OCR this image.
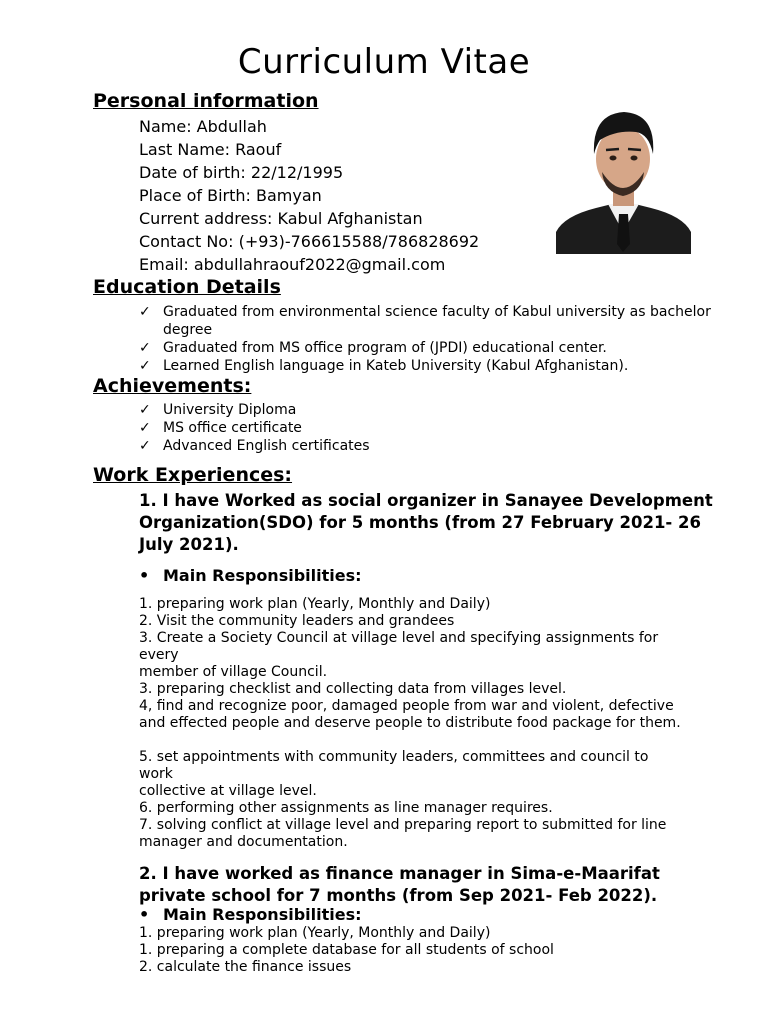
Curriculum Vitae
Personal information
Name: Abdullah
Last Name: Raouf
Date of birth: 22/12/1995
Place of Birth: Bamyan
Current address: Kabul Afghanistan
Contact No: (+93)-766615588/786828692
Email: abdullahraouf2022@gmail.com
Education Details
✓ Graduated from environmental science faculty of Kabul university as bachelor degree
✓ Graduated from MS office program of (JPDI) educational center.
✓ Learned English language in Kateb University (Kabul Afghanistan).
Achievements:
✓ University Diploma
✓ MS office certificate
✓ Advanced English certificates
Work Experiences:
1. I have Worked as social organizer in Sanayee Development Organization(SDO) for 5 months (from 27 February 2021- 26 July 2021).
• Main Responsibilities:
1. preparing work plan (Yearly, Monthly and Daily)
2. Visit the community leaders and grandees
3. Create a Society Council at village level and specifying assignments for
every
member of village Council.
3. preparing checklist and collecting data from villages level.
4, find and recognize poor, damaged people from war and violent, defective
and effected people and deserve people to distribute food package for them.
5. set appointments with community leaders, committees and council to
work
collective at village level.
6. performing other assignments as line manager requires.
7. solving conflict at village level and preparing report to submitted for line
manager and documentation.
2. I have worked as finance manager in Sima-e-Maarifat private school for 7 months (from Sep 2021- Feb 2022).
• Main Responsibilities:
1. preparing work plan (Yearly, Monthly and Daily)
1. preparing a complete database for all students of school
2. calculate the finance issues
